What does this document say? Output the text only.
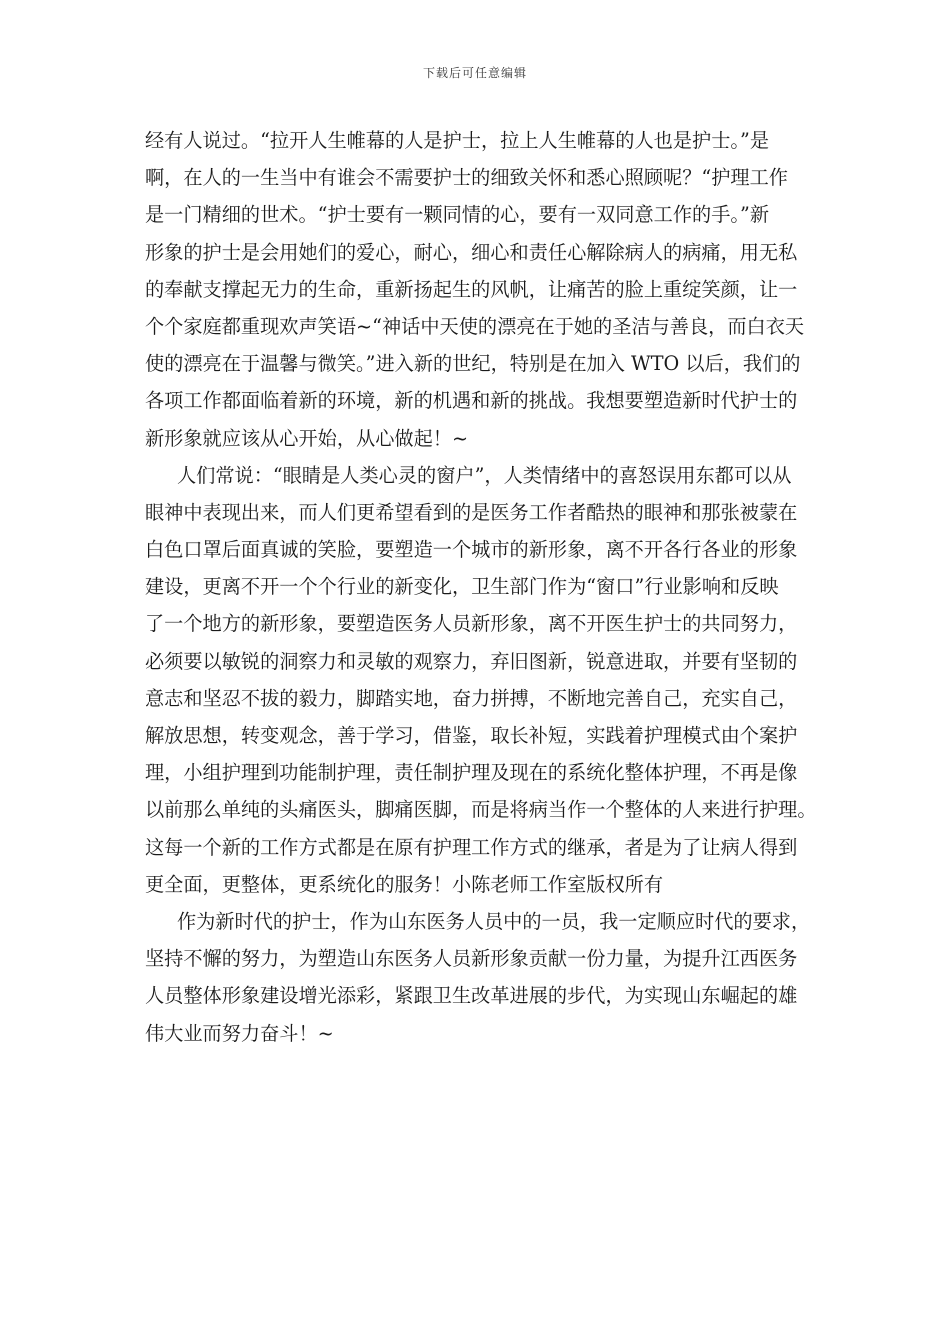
下载后可任意编辑
经有人说过。“拉开人生帷幕的人是护士，拉上人生帷幕的人也是护士。”是
啊，在人的一生当中有谁会不需要护士的细致关怀和悉心照顾呢？“护理工作
是一门精细的世术。“护士要有一颗同情的心，要有一双同意工作的手。”新
形象的护士是会用她们的爱心，耐心，细心和责任心解除病人的病痛，用无私
的奉献支撑起无力的生命，重新扬起生的风帆，让痛苦的脸上重绽笑颜，让一
个个家庭都重现欢声笑语~“神话中天使的漂亮在于她的圣洁与善良，而白衣天
使的漂亮在于温馨与微笑。”进入新的世纪，特别是在加入 WTO 以后，我们的
各项工作都面临着新的环境，新的机遇和新的挑战。我想要塑造新时代护士的
新形象就应该从心开始，从心做起！~
人们常说：“眼睛是人类心灵的窗户”，人类情绪中的喜怒误用东都可以从
眼神中表现出来，而人们更希望看到的是医务工作者酷热的眼神和那张被蒙在
白色口罩后面真诚的笑脸，要塑造一个城市的新形象，离不开各行各业的形象
建设，更离不开一个个行业的新变化，卫生部门作为“窗口”行业影响和反映
了一个地方的新形象，要塑造医务人员新形象，离不开医生护士的共同努力，
必须要以敏锐的洞察力和灵敏的观察力，弃旧图新，锐意进取，并要有坚韧的
意志和坚忍不拔的毅力，脚踏实地，奋力拼搏，不断地完善自己，充实自己，
解放思想，转变观念，善于学习，借鉴，取长补短，实践着护理模式由个案护
理，小组护理到功能制护理，责任制护理及现在的系统化整体护理，不再是像
以前那么单纯的头痛医头，脚痛医脚，而是将病当作一个整体的人来进行护理。
这每一个新的工作方式都是在原有护理工作方式的继承，者是为了让病人得到
更全面，更整体，更系统化的服务！小陈老师工作室版权所有
作为新时代的护士，作为山东医务人员中的一员，我一定顺应时代的要求，
坚持不懈的努力，为塑造山东医务人员新形象贡献一份力量，为提升江西医务
人员整体形象建设增光添彩，紧跟卫生改革进展的步代，为实现山东崛起的雄
伟大业而努力奋斗！~
